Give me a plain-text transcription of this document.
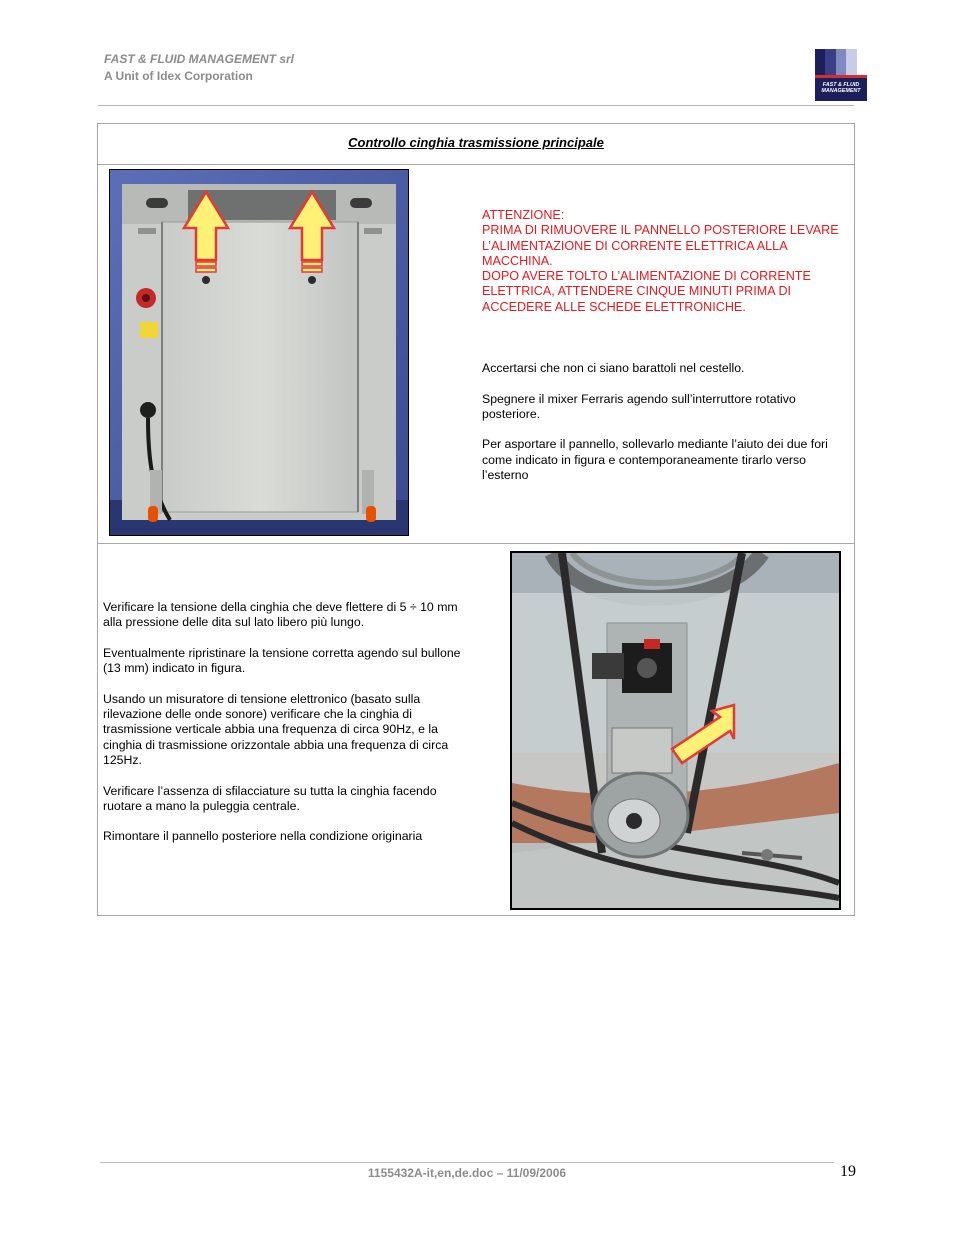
FAST & FLUID MANAGEMENT srl
A Unit of Idex Corporation
FAST & FLUID
MANAGEMENT
Controllo cinghia trasmissione principale
ATTENZIONE:
PRIMA DI RIMUOVERE IL PANNELLO POSTERIORE LEVARE L’ALIMENTAZIONE DI CORRENTE ELETTRICA ALLA MACCHINA.
DOPO AVERE TOLTO L’ALIMENTAZIONE DI CORRENTE ELETTRICA, ATTENDERE CINQUE MINUTI PRIMA DI ACCEDERE ALLE SCHEDE ELETTRONICHE.

Accertarsi che non ci siano barattoli nel cestello.

Spegnere il mixer Ferraris agendo sull’interruttore rotativo posteriore.

Per asportare il pannello, sollevarlo mediante l’aiuto dei due fori come indicato in figura e contemporaneamente tirarlo verso l’esterno

Verificare la tensione della cinghia che deve flettere di 5 ÷ 10 mm alla pressione delle dita sul lato libero più lungo.

Eventualmente ripristinare la tensione corretta agendo sul bullone (13 mm) indicato in figura.

Usando un misuratore di tensione elettronico (basato sulla rilevazione delle onde sonore) verificare che la cinghia di trasmissione verticale abbia una frequenza di circa 90Hz, e la cinghia di trasmissione orizzontale abbia una frequenza di circa 125Hz.

Verificare l’assenza di sfilacciature su tutta la cinghia facendo ruotare a mano la puleggia centrale.

Rimontare il pannello posteriore nella condizione originaria

1155432A-it,en,de.doc – 11/09/2006	19
